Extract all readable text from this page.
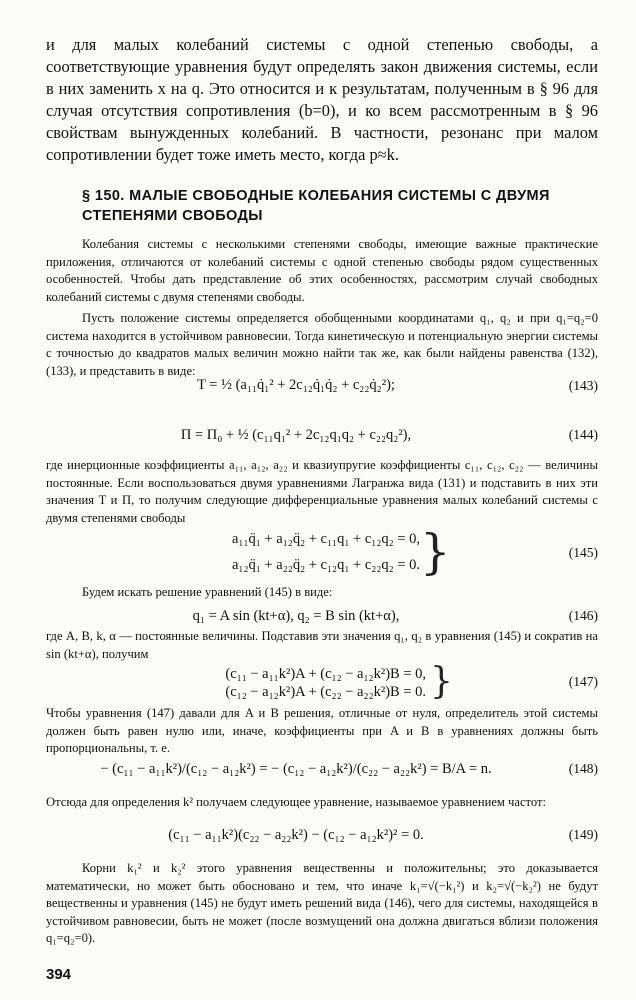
и для малых колебаний системы с одной степенью свободы, а соответствующие уравнения будут определять закон движения системы, если в них заменить x на q. Это относится и к результатам, полученным в § 96 для случая отсутствия сопротивления (b=0), и ко всем рассмотренным в § 96 свойствам вынужденных колебаний. В частности, резонанс при малом сопротивлении будет тоже иметь место, когда p≈k.
§ 150. МАЛЫЕ СВОБОДНЫЕ КОЛЕБАНИЯ СИСТЕМЫ С ДВУМЯ СТЕПЕНЯМИ СВОБОДЫ
Колебания системы с несколькими степенями свободы, имеющие важные практические приложения, отличаются от колебаний системы с одной степенью свободы рядом существенных особенностей. Чтобы дать представление об этих особенностях, рассмотрим случай свободных колебаний системы с двумя степенями свободы.
Пусть положение системы определяется обобщенными координатами q₁, q₂ и при q₁=q₂=0 система находится в устойчивом равновесии. Тогда кинетическую и потенциальную энергии системы с точностью до квадратов малых величин можно найти так же, как были найдены равенства (132), (133), и представить в виде:
T = ½ (a₁₁q̇₁² + 2c₁₂q̇₁q̇₂ + c₂₂q̇₂²);	(143)
П = П₀ + ½ (c₁₁q₁² + 2c₁₂q₁q₂ + c₂₂q₂²),	(144)
где инерционные коэффициенты a₁₁, a₁₂, a₂₂ и квазиупругие коэффициенты c₁₁, c₁₂, c₂₂ — величины постоянные. Если воспользоваться двумя уравнениями Лагранжа вида (131) и подставить в них эти значения T и П, то получим следующие дифференциальные уравнения малых колебаний системы с двумя степенями свободы
a₁₁q̈₁ + a₁₂q̈₂ + c₁₁q₁ + c₁₂q₂ = 0,
a₁₂q̈₁ + a₂₂q̈₂ + c₁₂q₁ + c₂₂q₂ = 0. }	(145)
Будем искать решение уравнений (145) в виде:
q₁ = A sin (kt+α), q₂ = B sin (kt+α),	(146)
где A, B, k, α — постоянные величины. Подставив эти значения q₁, q₂ в уравнения (145) и сократив на sin (kt+α), получим
(c₁₁ − a₁₁k²)A + (c₁₂ − a₁₂k²)B = 0,
(c₁₂ − a₁₂k²)A + (c₂₂ − a₂₂k²)B = 0. }	(147)
Чтобы уравнения (147) давали для A и B решения, отличные от нуля, определитель этой системы должен быть равен нулю или, иначе, коэффициенты при A и B в уравнениях должны быть пропорциональны, т. е.
− (c₁₁ − a₁₁k²)/(c₁₂ − a₁₂k²) = − (c₁₂ − a₁₂k²)/(c₂₂ − a₂₂k²) = B/A = n.	(148)
Отсюда для определения k² получаем следующее уравнение, называемое уравнением частот:
(c₁₁ − a₁₁k²)(c₂₂ − a₂₂k²) − (c₁₂ − a₁₂k²)² = 0.	(149)
Корни k₁² и k₂² этого уравнения вещественны и положительны; это доказывается математически, но может быть обосновано и тем, что иначе k₁=√(−k₁²) и k₂=√(−k₂²) не будут вещественны и уравнения (145) не будут иметь решений вида (146), чего для системы, находящейся в устойчивом равновесии, быть не может (после возмущений она должна двигаться вблизи положения q₁=q₂=0).
394
